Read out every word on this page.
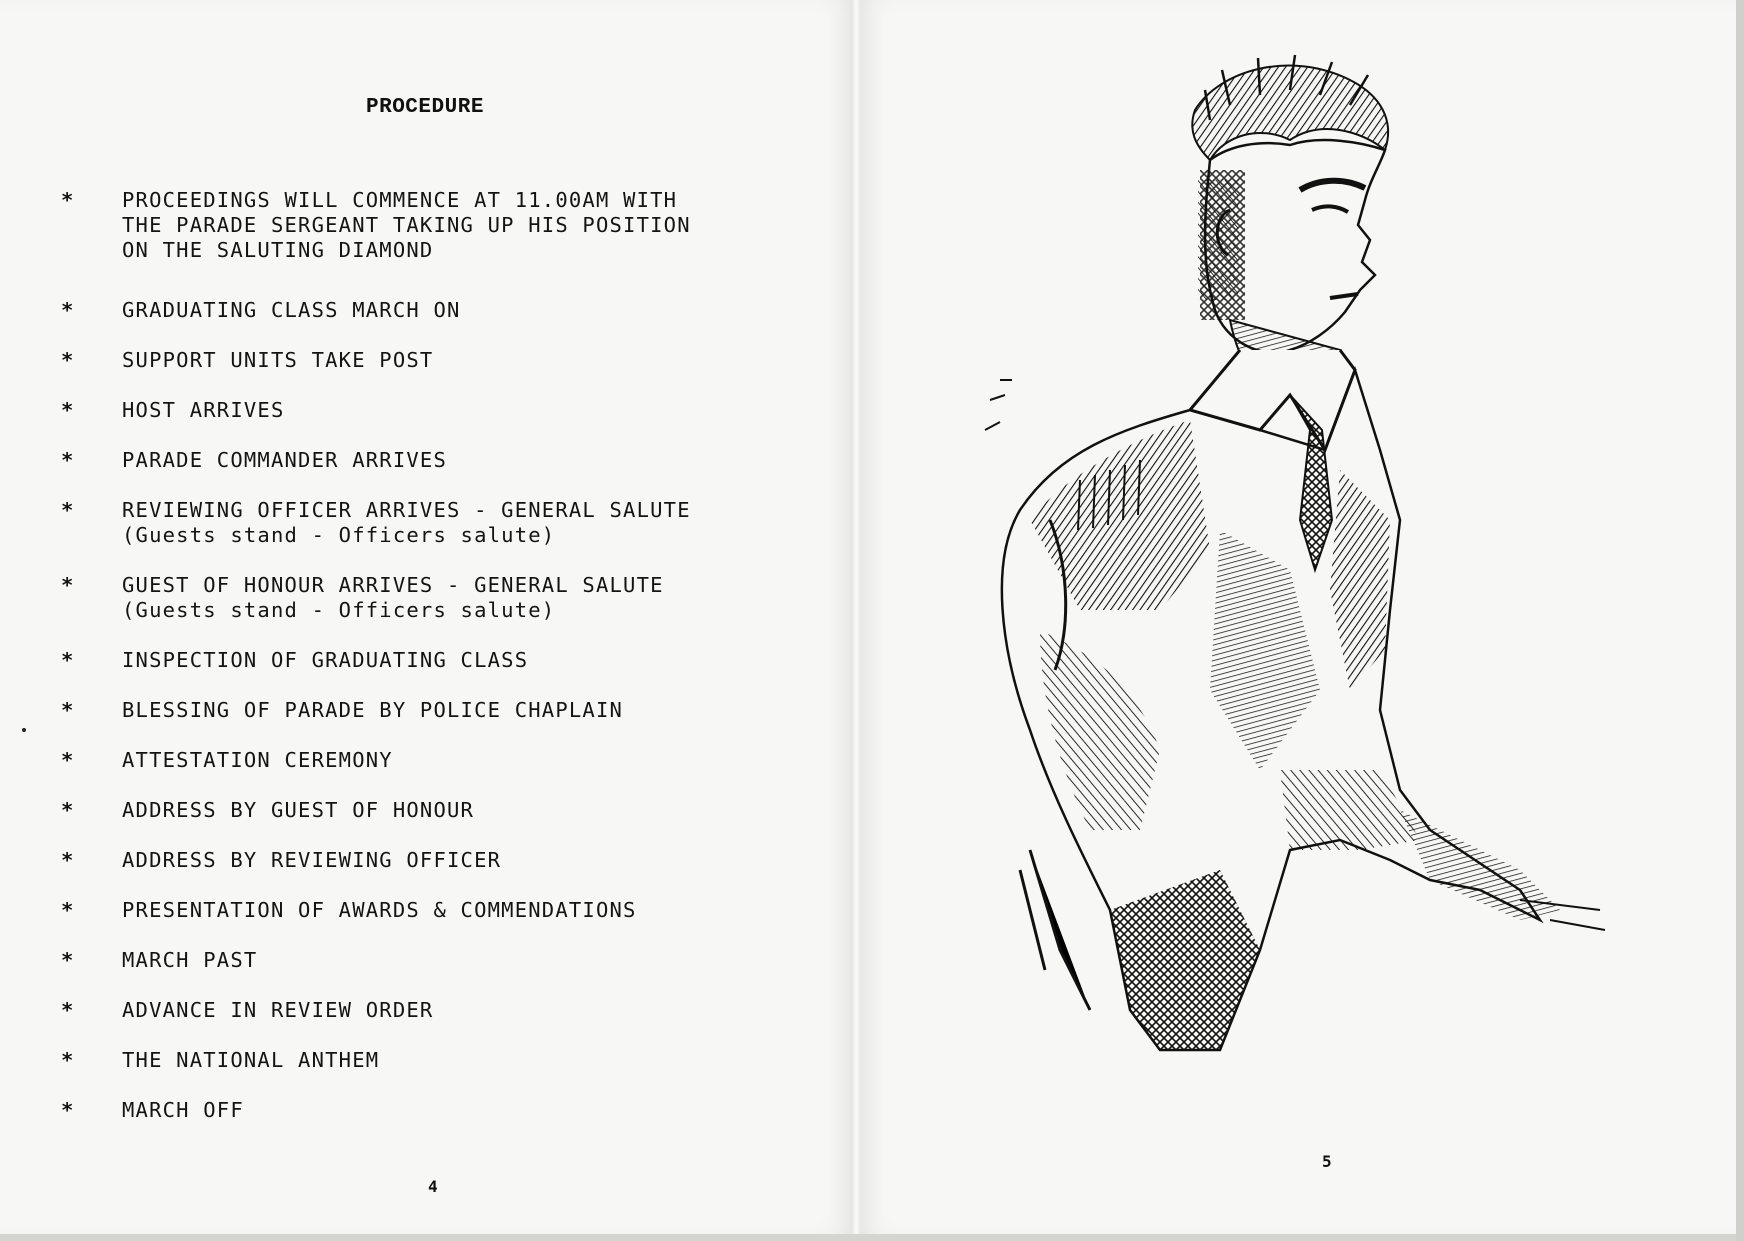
PROCEDURE
* PROCEEDINGS WILL COMMENCE AT 11.00AM WITH
THE PARADE SERGEANT TAKING UP HIS POSITION
ON THE SALUTING DIAMOND
* GRADUATING CLASS MARCH ON
* SUPPORT UNITS TAKE POST
* HOST ARRIVES
* PARADE COMMANDER ARRIVES
* REVIEWING OFFICER ARRIVES - GENERAL SALUTE
(Guests stand - Officers salute)
* GUEST OF HONOUR ARRIVES - GENERAL SALUTE
(Guests stand - Officers salute)
* INSPECTION OF GRADUATING CLASS
* BLESSING OF PARADE BY POLICE CHAPLAIN
* ATTESTATION CEREMONY
* ADDRESS BY GUEST OF HONOUR
* ADDRESS BY REVIEWING OFFICER
* PRESENTATION OF AWARDS & COMMENDATIONS
* MARCH PAST
* ADVANCE IN REVIEW ORDER
* THE NATIONAL ANTHEM
* MARCH OFF
4
5
